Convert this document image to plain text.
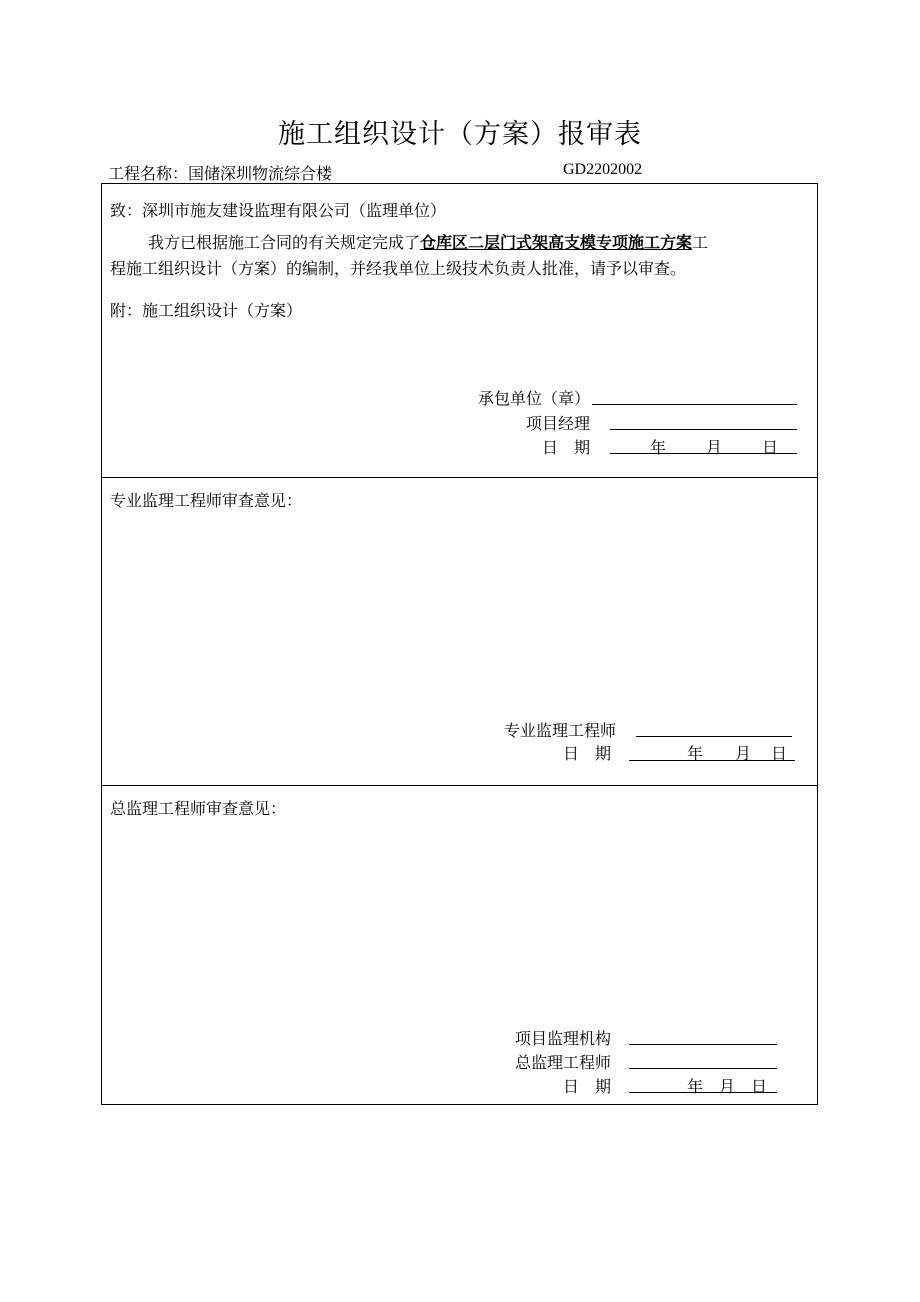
施工组织设计（方案）报审表
工程名称：国储深圳物流综合楼	GD2202002
致：深圳市施友建设监理有限公司（监理单位）
我方已根据施工合同的有关规定完成了仓库区二层门式架高支模专项施工方案工
程施工组织设计（方案）的编制，并经我单位上级技术负责人批准，请予以审查。
附：施工组织设计（方案）
承包单位（章）
项目经理
日　期	年	月	日
专业监理工程师审查意见：
专业监理工程师
日　期	年 月 日
总监理工程师审查意见：
项目监理机构
总监理工程师
日　期	年 月 日
